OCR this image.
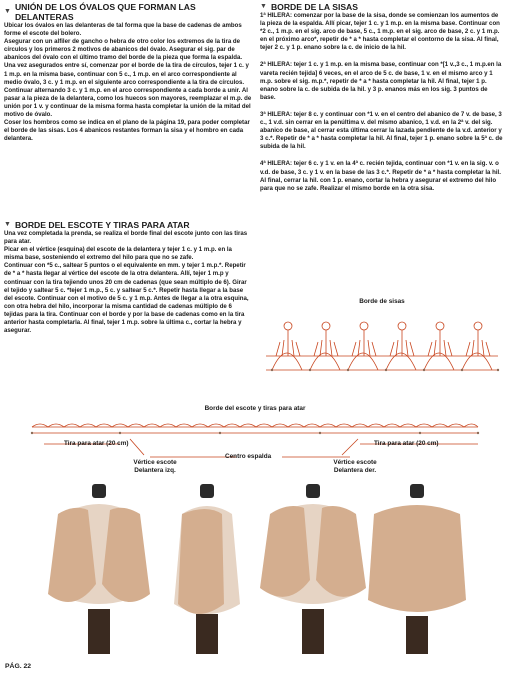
▼ UNIÓN DE LOS ÓVALOS QUE FORMAN LAS DELANTERAS

Ubicar los óvalos en las delanteras de tal forma que la base de cadenas de ambos forme el escote del bolero.

Asegurar con un alfiler de gancho o hebra de otro color los extremos de la tira de círculos y los primeros 2 motivos de abanicos del óvalo. Asegurar el sig. par de abanicos del óvalo con el último tramo del borde de la pieza que forma la espalda. Una vez asegurados entre sí, comenzar por el borde de la tira de círculos, tejer 1 c. y 1 m.p. en la misma base, continuar con 5 c., 1 m.p. en el arco correspondiente al medio óvalo, 3 c. y 1 m.p. en el siguiente arco correspondiente a la tira de círculos. Continuar alternando 3 c. y 1 m.p. en el arco correspondiente a cada borde a unir. Al pasar a la pieza de la delantera, como los huecos son mayores, reemplazar el m.p. de unión por 1 v. y continuar de la misma forma hasta completar la unión de la mitad del motivo de óvalo.

Coser los hombros como se indica en el plano de la página 19, para poder completar el borde de las sisas. Los 4 abanicos restantes forman la sisa y el hombro en cada delantera.

▼ BORDE DEL ESCOTE Y TIRAS PARA ATAR

Una vez completada la prenda, se realiza el borde final del escote junto con las tiras para atar.

Picar en el vértice (esquina) del escote de la delantera y tejer 1 c. y 1 m.p. en la misma base, sosteniendo el extremo del hilo para que no se zafe.

Continuar con *5 c., saltear 5 puntos o el equivalente en mm. y tejer 1 m.p.*. Repetir de * a * hasta llegar al vértice del escote de la otra delantera. Allí, tejer 1 m.p y continuar con la tira tejiendo unos 20 cm de cadenas (que sean múltiplo de 6). Girar el tejido y saltear 5 c. *tejer 1 m.p., 5 c. y saltear 5 c.*. Repetir hasta llegar a la base del escote. Continuar con el motivo de 5 c. y 1 m.p. Antes de llegar a la otra esquina, con otra hebra del hilo, incorporar la misma cantidad de cadenas múltiplo de 6 tejidas para la tira. Continuar con el borde y por la base de cadenas como en la tira anterior hasta completarla. Al final, tejer 1 m.p. sobre la última c., cortar la hebra y asegurar.

▼ BORDE DE LA SISAS

1ª HILERA: comenzar por la base de la sisa, donde se comienzan los aumentos de la pieza de la espalda. Allí picar, tejer 1 c. y 1 m.p. en la misma base. Continuar con *2 c., 1 m.p. en el sig. arco de base, 5 c., 1 m.p. en el sig. arco de base, 2 c. y 1 m.p. en el próximo arco*, repetir de * a * hasta completar el contorno de la sisa. Al final, tejer 2 c. y 1 p. enano sobre la c. de inicio de la hil.

2ª HILERA: tejer 1 c. y 1 m.p. en la misma base, continuar con *[1 v.,3 c., 1 m.p.en la vareta recién tejida] 6 veces, en el arco de 5 c. de base, 1 v. en el mismo arco y 1 m.p. sobre el sig. m.p.*, repetir de * a * hasta completar la hil. Al final, tejer 1 p. enano sobre la c. de subida de la hil. y 3 p. enanos más en los sig. 3 puntos de base.

3ª HILERA: tejer 8 c. y continuar con *1 v. en el centro del abanico de 7 v. de base, 3 c., 1 v.d. sin cerrar en la penúltima v. del mismo abanico, 1 v.d. en la 2ª v. del sig. abanico de base, al cerrar esta última cerrar la lazada pendiente de la v.d. anterior y 3 c.*. Repetir de * a * hasta completar la hil. Al final, tejer 1 p. enano sobre la 5ª c. de subida de la hil.

4ª HILERA: tejer 6 c. y 1 v. en la 4ª c. recién tejida, continuar con *1 v. en la sig. v. o v.d. de base, 3 c. y 1 v. en la base de las 3 c.*. Repetir de * a * hasta completar la hil. Al final, cerrar la hil. con 1 p. enano, cortar la hebra y asegurar el extremo del hilo para que no se zafe. Realizar el mismo borde en la otra sisa.

Borde de sisas
Borde del escote y tiras para atar
Tira para atar (20 cm)	Tira para atar (20 cm)
Centro espalda
Vértice escote Delantera izq.
Vértice escote Delantera der.
PÁG. 22
